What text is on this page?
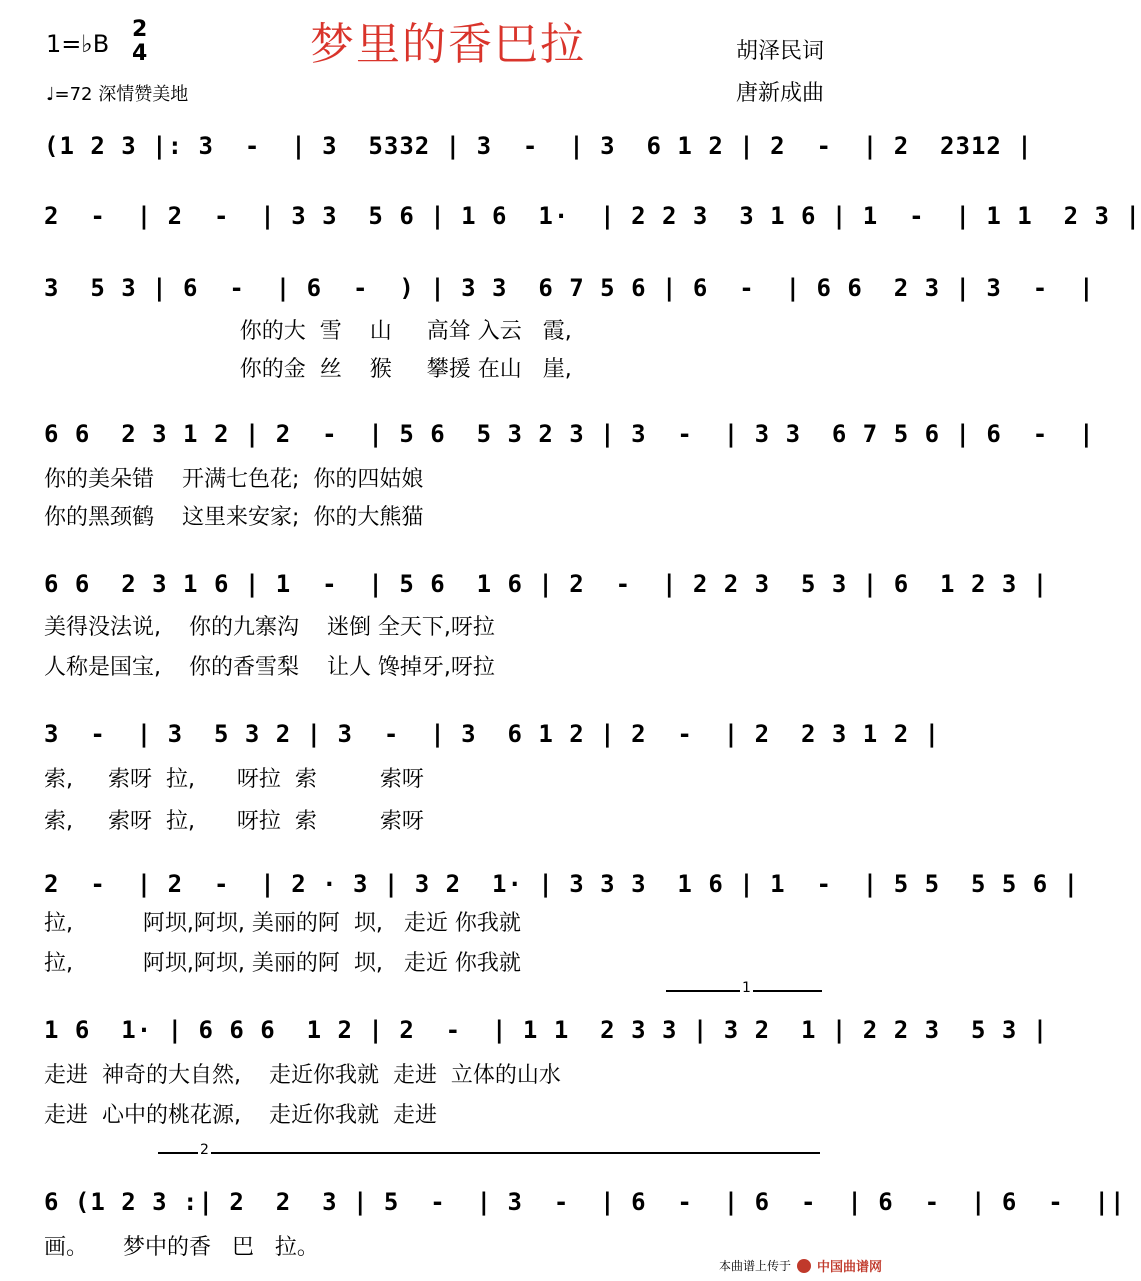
梦里的香巴拉
1=♭B
2
4
♩=72 深情赞美地
胡泽民词
唐新成曲
(1 2 3 |: 3  -  | 3  5332 | 3  -  | 3  6 1 2 | 2  -  | 2  2312 |
2  -  | 2  -  | 3 3  5 6 | 1 6  1·  | 2 2 3  3 1 6 | 1  -  | 1 1  2 3 |
3  5 3 | 6  -  | 6  -  ) | 3 3  6 7 5 6 | 6  -  | 6 6  2 3 | 3  -  |
你的大  雪    山     高耸 入云   霞,
你的金  丝    猴     攀援 在山   崖,
6 6  2 3 1 2 | 2  -  | 5 6  5 3 2 3 | 3  -  | 3 3  6 7 5 6 | 6  -  |
你的美朵错    开满七色花;  你的四姑娘
你的黑颈鹤    这里来安家;  你的大熊猫
6 6  2 3 1 6 | 1  -  | 5 6  1 6 | 2  -  | 2 2 3  5 3 | 6  1 2 3 |
美得没法说,    你的九寨沟    迷倒 全天下,呀拉
人称是国宝,    你的香雪梨    让人 馋掉牙,呀拉
3  -  | 3  5 3 2 | 3  -  | 3  6 1 2 | 2  -  | 2  2 3 1 2 |
索,     索呀  拉,      呀拉  索         索呀
索,     索呀  拉,      呀拉  索         索呀
2  -  | 2  -  | 2 · 3 | 3 2  1· | 3 3 3  1 6 | 1  -  | 5 5  5 5 6 |
拉,          阿坝,阿坝, 美丽的阿  坝,   走近 你我就
拉,          阿坝,阿坝, 美丽的阿  坝,   走近 你我就
1 6  1· | 6 6 6  1 2 | 2  -  | 1 1  2 3 3 | 3 2  1 | 2 2 3  5 3 |
1
走进  神奇的大自然,    走近你我就  走进  立体的山水
走进  心中的桃花源,    走近你我就  走进
2
6 (1 2 3 :| 2  2  3 | 5  -  | 3  -  | 6  -  | 6  -  | 6  -  | 6  -  ||
画。     梦中的香   巴   拉。
本曲谱上传于 中国曲谱网
